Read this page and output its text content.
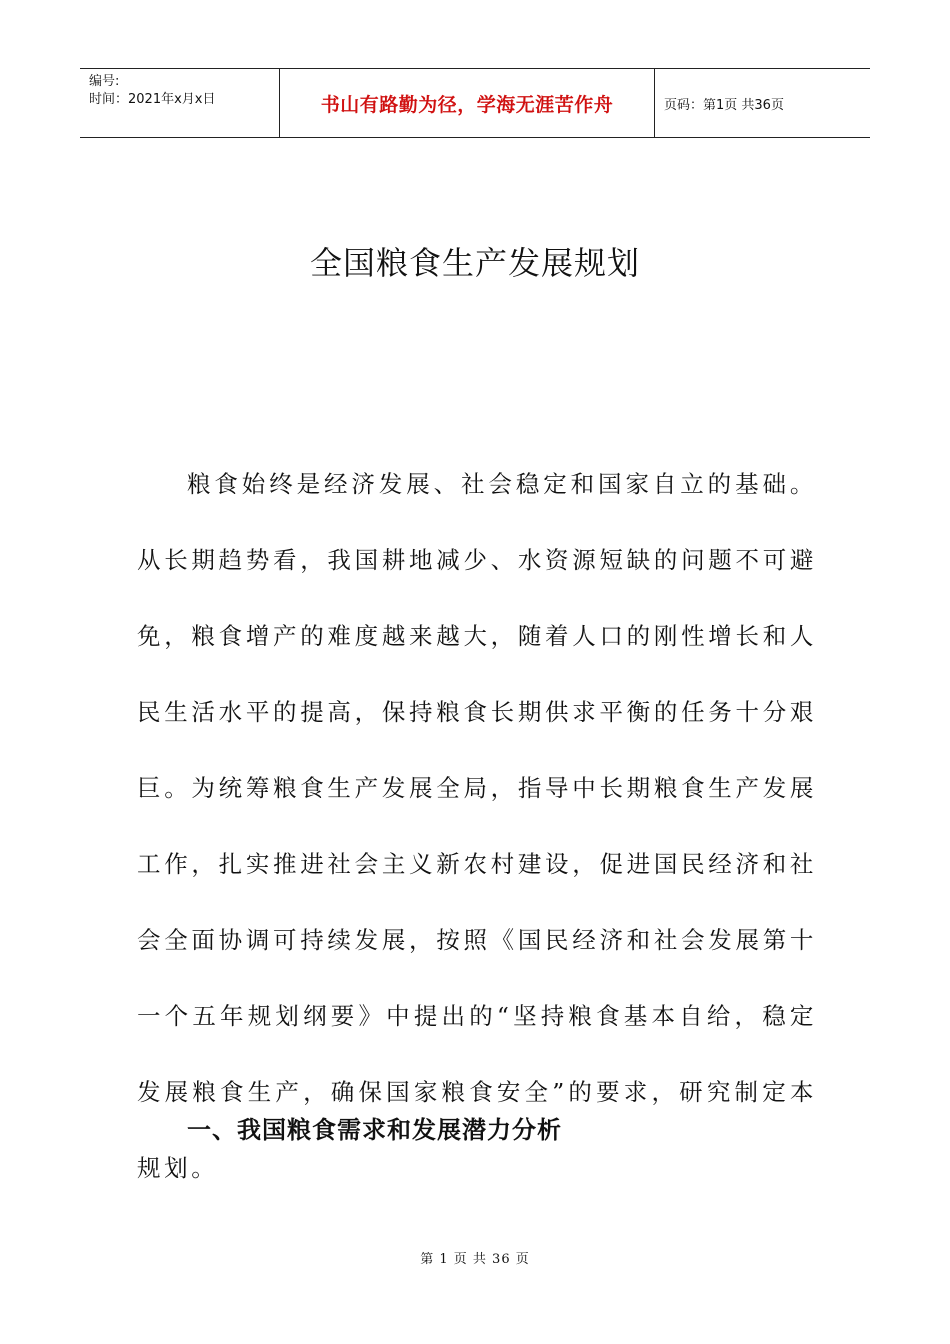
编号:
时间：2021年x月x日	书山有路勤为径，学海无涯苦作舟	页码：第1页 共36页
全国粮食生产发展规划

粮食始终是经济发展、社会稳定和国家自立的基础。从长期趋势看，我国耕地减少、水资源短缺的问题不可避免，粮食增产的难度越来越大，随着人口的刚性增长和人民生活水平的提高，保持粮食长期供求平衡的任务十分艰巨。为统筹粮食生产发展全局，指导中长期粮食生产发展工作，扎实推进社会主义新农村建设，促进国民经济和社会全面协调可持续发展，按照《国民经济和社会发展第十一个五年规划纲要》中提出的“坚持粮食基本自给，稳定发展粮食生产，确保国家粮食安全”的要求，研究制定本规划。

一、我国粮食需求和发展潜力分析
第 1 页 共 36 页
